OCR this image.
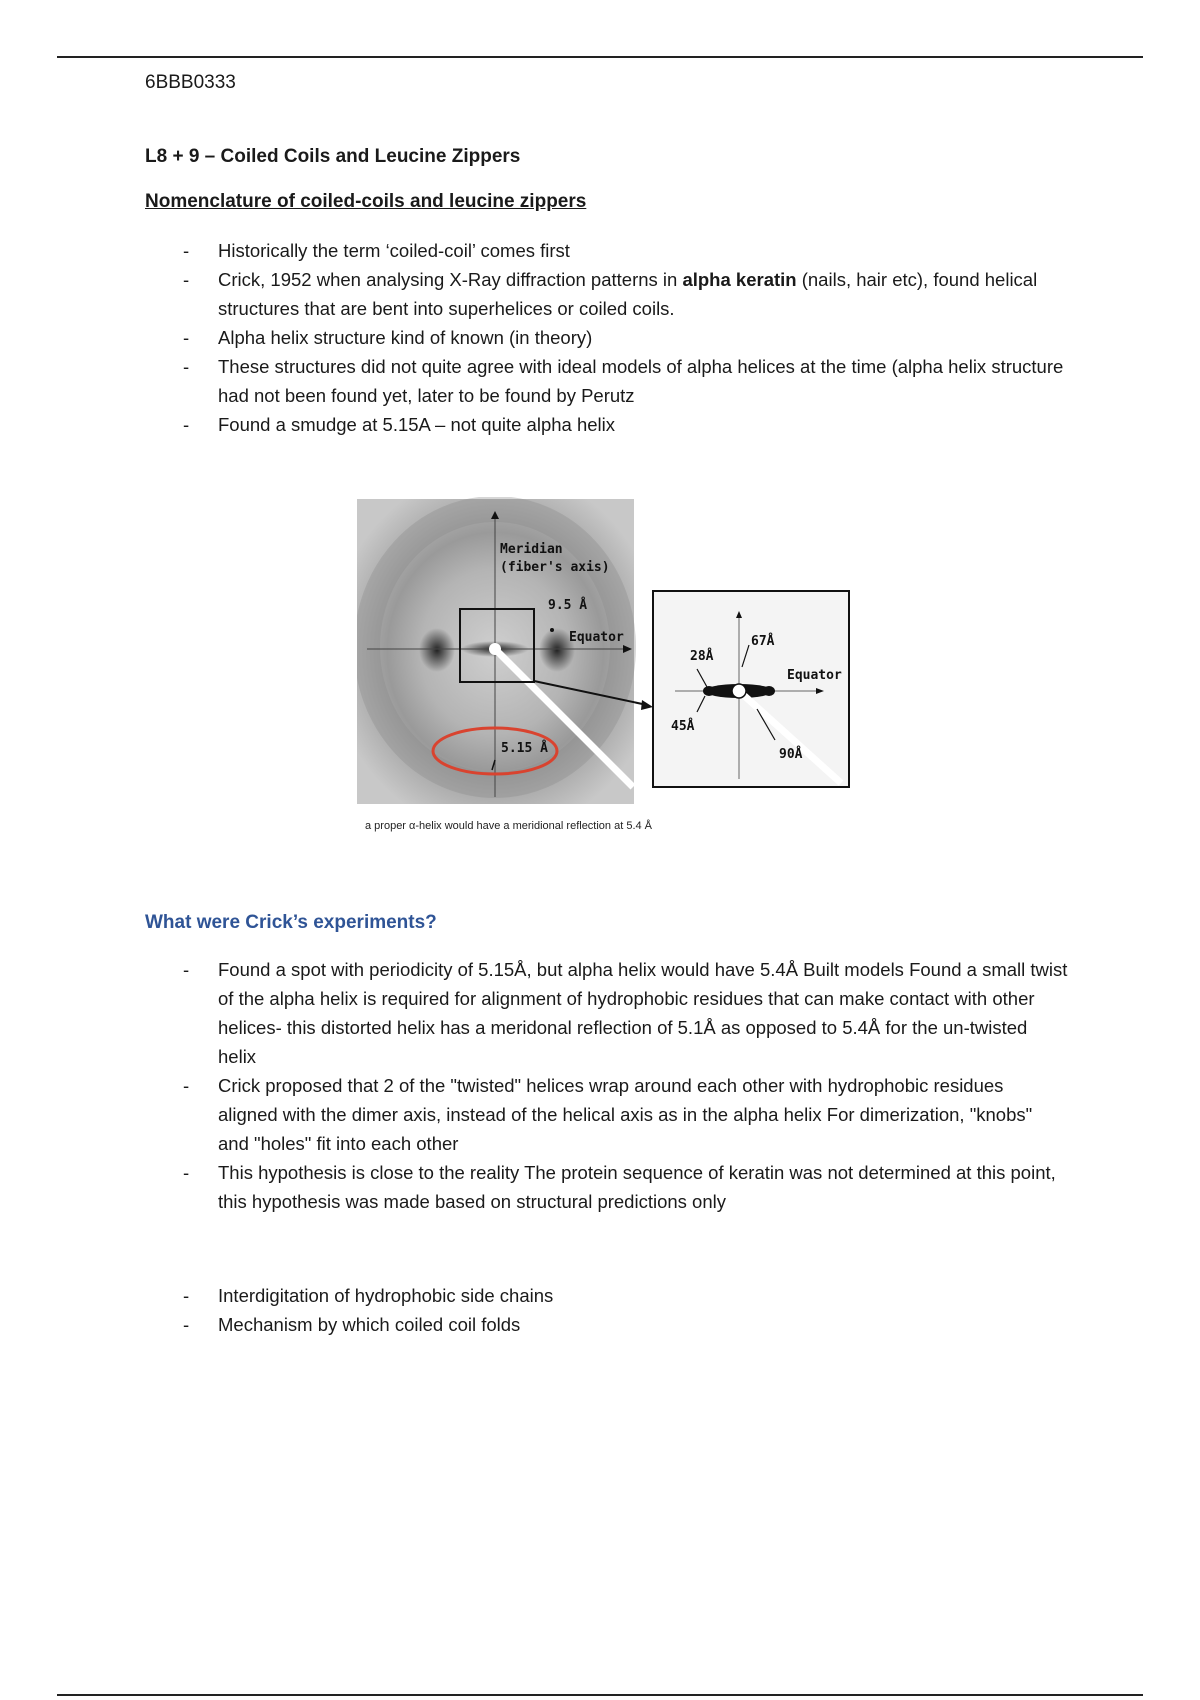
6BBB0333
L8 + 9 – Coiled Coils and Leucine Zippers
Nomenclature of coiled-coils and leucine zippers
- Historically the term ‘coiled-coil’ comes first
- Crick, 1952 when analysing X-Ray diffraction patterns in alpha keratin (nails, hair etc), found helical structures that are bent into superhelices or coiled coils.
- Alpha helix structure kind of known (in theory)
- These structures did not quite agree with ideal models of alpha helices at the time (alpha helix structure had not been found yet, later to be found by Perutz
- Found a smudge at 5.15A – not quite alpha helix
Meridian
(fiber's axis)
9.5 Å
Equator
5.15 Å
28Å
67Å
Equator
45Å
90Å
a proper α-helix would have a meridional reflection at 5.4 Å
What were Crick’s experiments?
- Found a spot with periodicity of 5.15Å, but alpha helix would have 5.4Å Built models Found a small twist of the alpha helix is required for alignment of hydrophobic residues that can make contact with other helices- this distorted helix has a meridonal reflection of 5.1Å as opposed to 5.4Å for the un-twisted helix
- Crick proposed that 2 of the "twisted" helices wrap around each other with hydrophobic residues aligned with the dimer axis, instead of the helical axis as in the alpha helix For dimerization, "knobs" and "holes" fit into each other
- This hypothesis is close to the reality The protein sequence of keratin was not determined at this point, this hypothesis was made based on structural predictions only
- Interdigitation of hydrophobic side chains
- Mechanism by which coiled coil folds
